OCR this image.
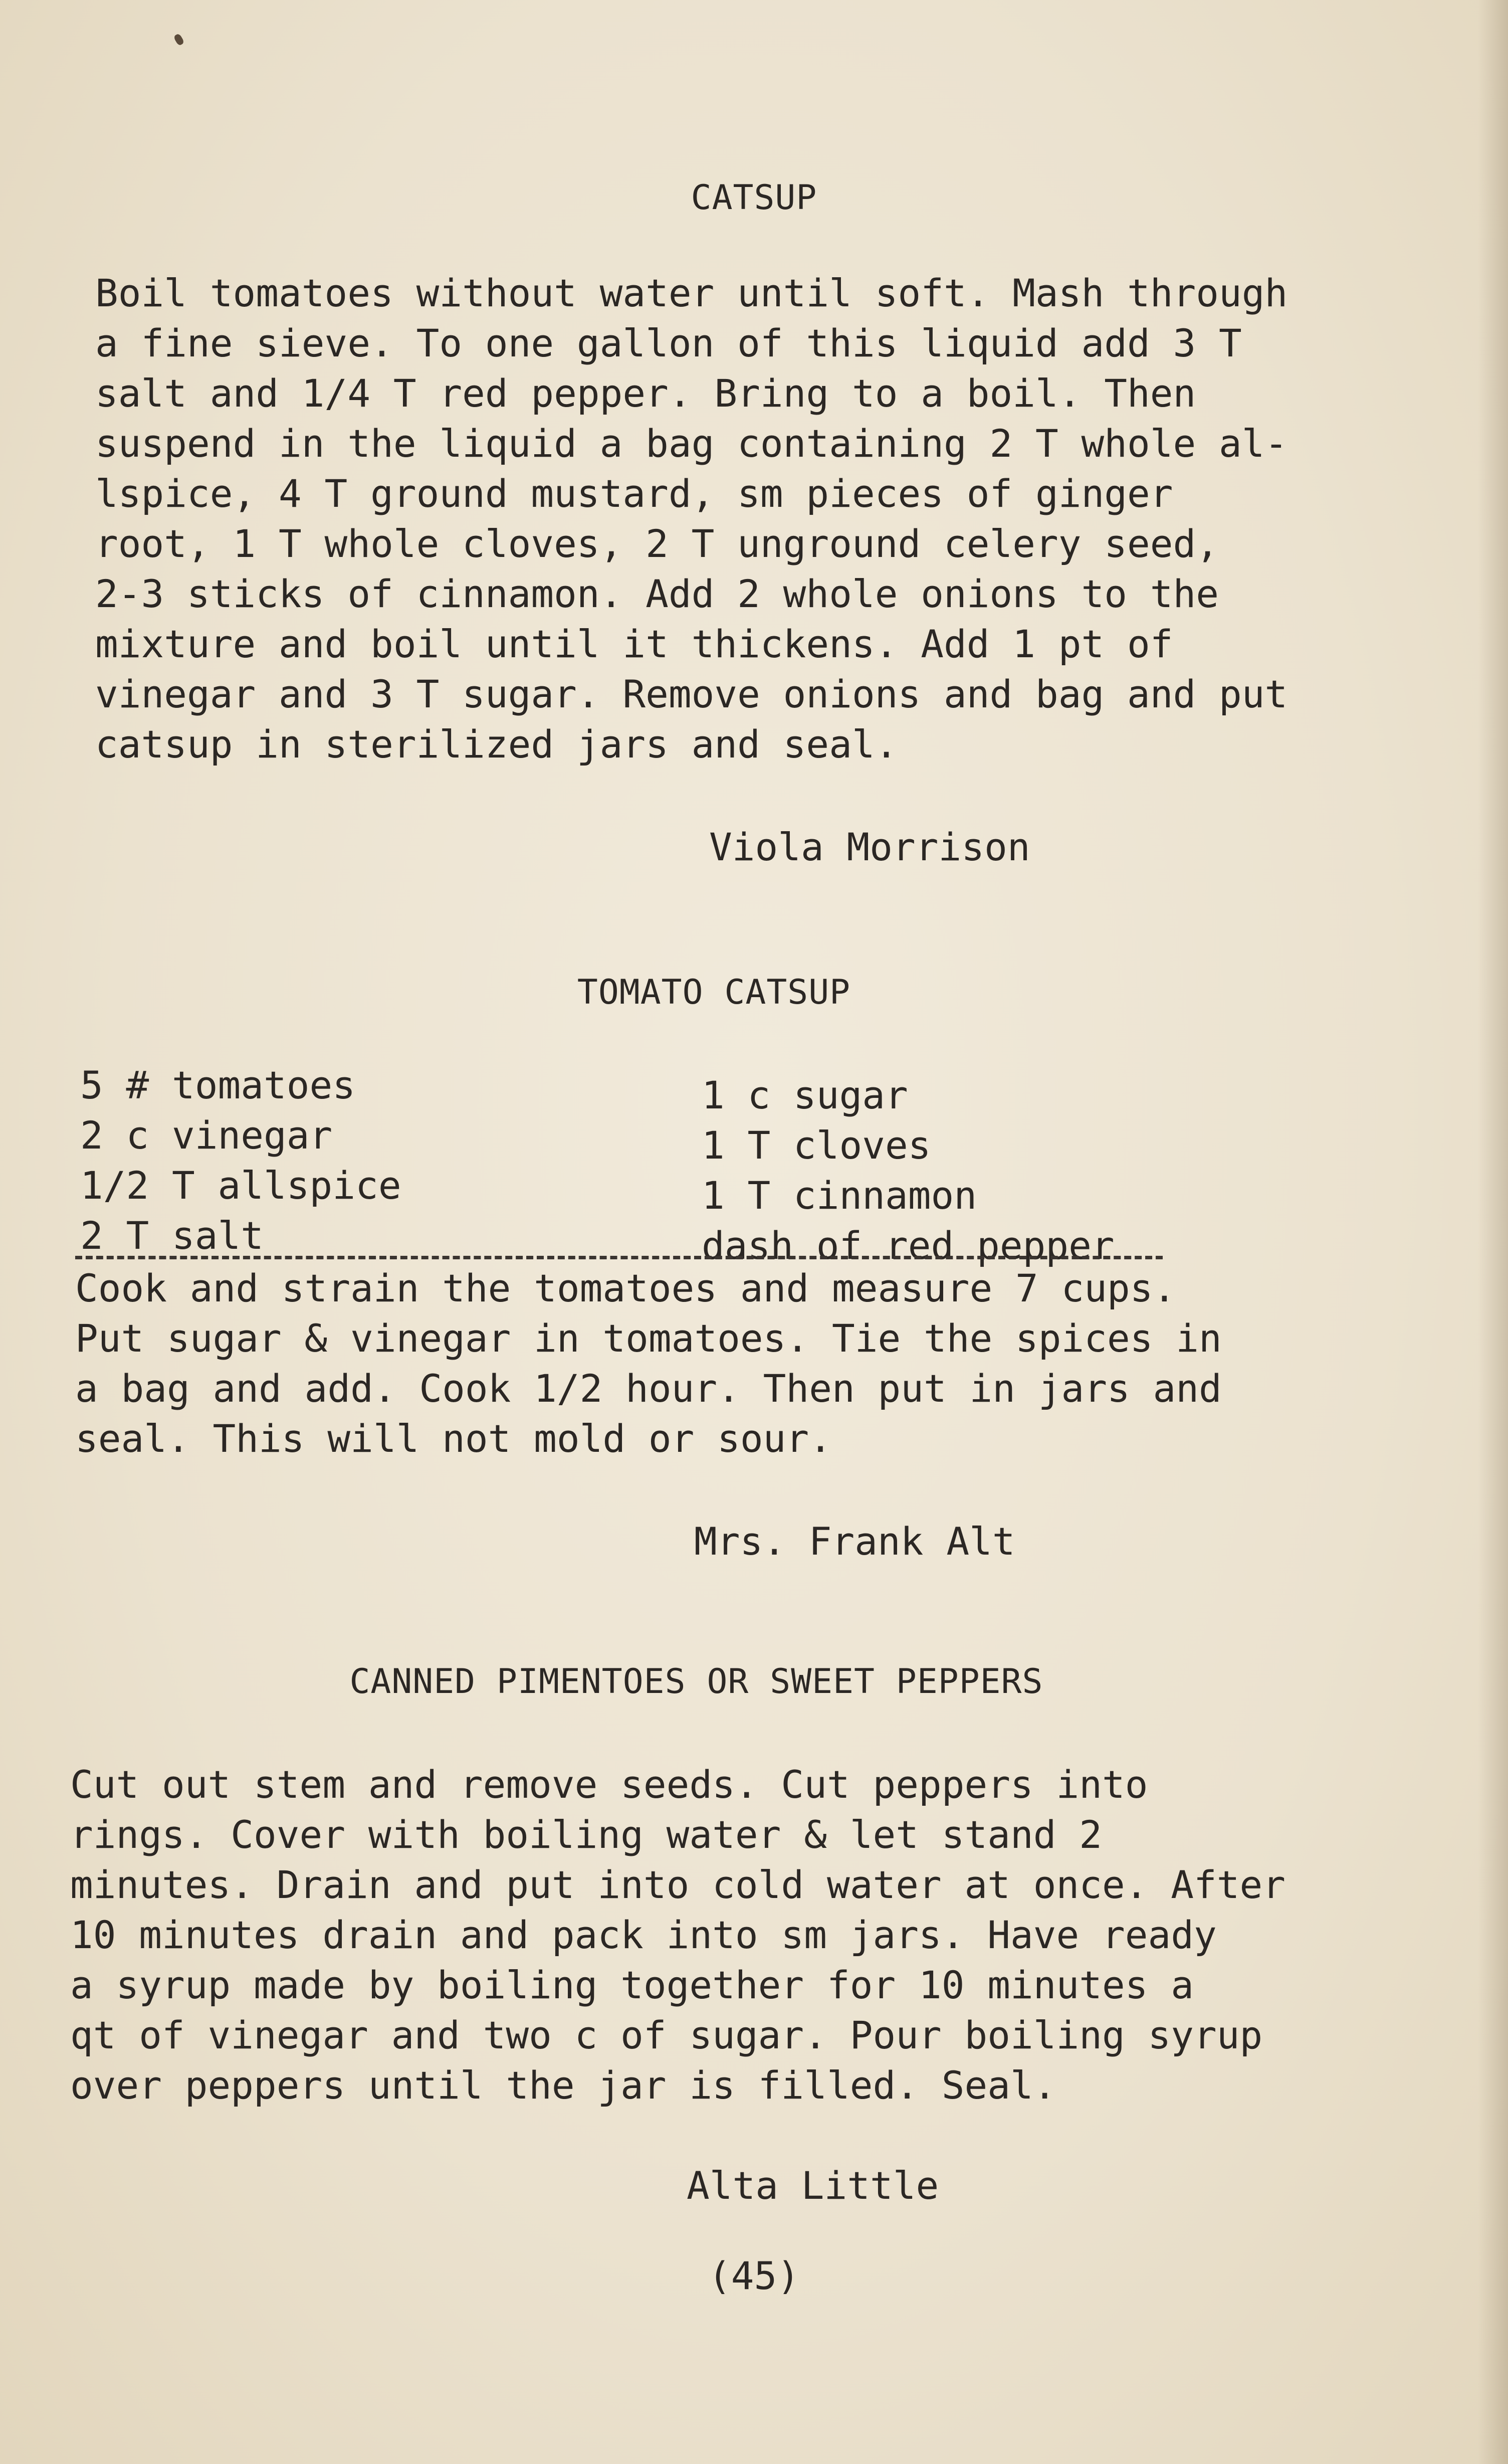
CATSUP
Boil tomatoes without water until soft. Mash through
a fine sieve. To one gallon of this liquid add 3 T
salt and 1/4 T red pepper. Bring to a boil. Then
suspend in the liquid a bag containing 2 T whole al-
lspice, 4 T ground mustard, sm pieces of ginger
root, 1 T whole cloves, 2 T unground celery seed,
2-3 sticks of cinnamon. Add 2 whole onions to the
mixture and boil until it thickens. Add 1 pt of
vinegar and 3 T sugar. Remove onions and bag and put
catsup in sterilized jars and seal.
Viola Morrison
TOMATO CATSUP
5 # tomatoes
2 c vinegar
1/2 T allspice
2 T salt
1 c sugar
1 T cloves
1 T cinnamon
dash of red pepper
Cook and strain the tomatoes and measure 7 cups.
Put sugar & vinegar in tomatoes. Tie the spices in
a bag and add. Cook 1/2 hour. Then put in jars and
seal. This will not mold or sour.
Mrs. Frank Alt
CANNED PIMENTOES OR SWEET PEPPERS
Cut out stem and remove seeds. Cut peppers into
rings. Cover with boiling water & let stand 2
minutes. Drain and put into cold water at once. After
10 minutes drain and pack into sm jars. Have ready
a syrup made by boiling together for 10 minutes a
qt of vinegar and two c of sugar. Pour boiling syrup
over peppers until the jar is filled. Seal.
Alta Little
(45)
